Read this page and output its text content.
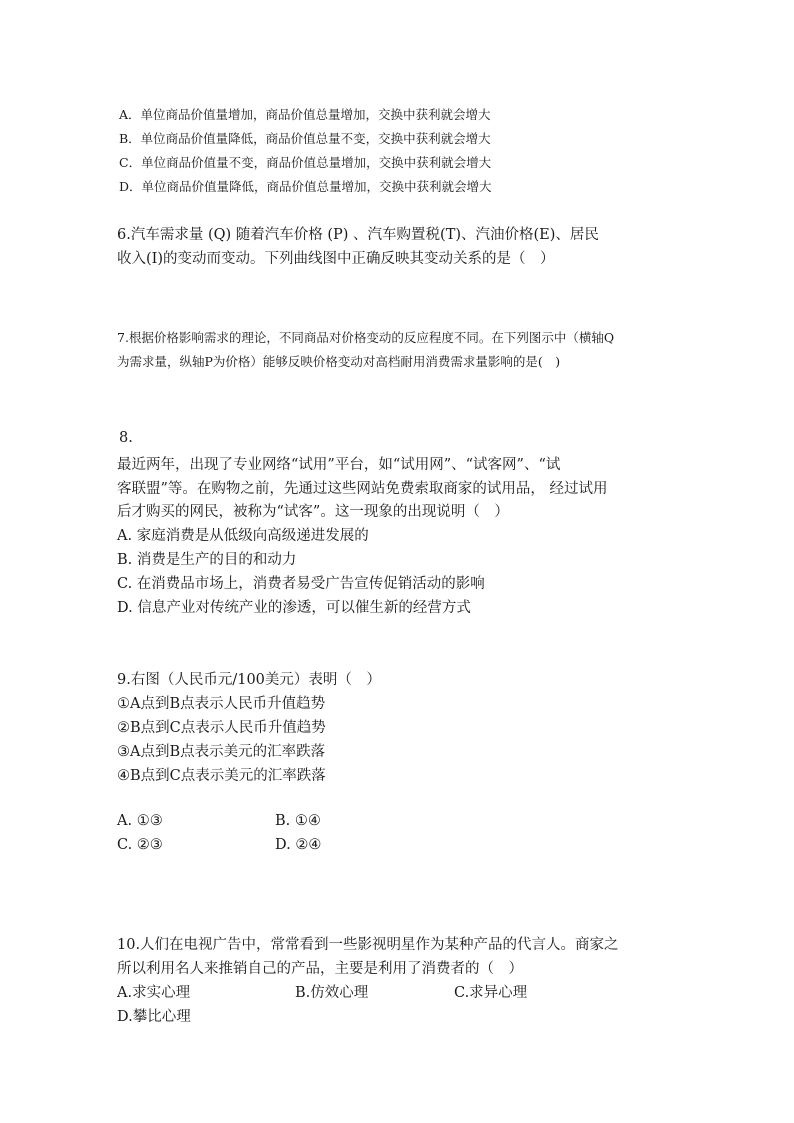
A．单位商品价值量增加，商品价值总量增加，交换中获利就会增大
B．单位商品价值量降低，商品价值总量不变，交换中获利就会增大
C．单位商品价值量不变，商品价值总量增加，交换中获利就会增大
D．单位商品价值量降低，商品价值总量增加，交换中获利就会增大
6.汽车需求量 (Q) 随着汽车价格 (P) 、汽车购置税(T)、汽油价格(E)、居民
收入(I)的变动而变动。下列曲线图中正确反映其变动关系的是（　）
7.根据价格影响需求的理论，不同商品对价格变动的反应程度不同。在下列图示中（横轴Q
为需求量，纵轴P为价格）能够反映价格变动对高档耐用消费需求量影响的是(　)
8.
最近两年，出现了专业网络“试用”平台，如“试用网”、“试客网”、“试
客联盟”等。在购物之前，先通过这些网站免费索取商家的试用品， 经过试用
后才购买的网民，被称为“试客”。这一现象的出现说明（　）
A. 家庭消费是从低级向高级递进发展的
B. 消费是生产的目的和动力
C. 在消费品市场上，消费者易受广告宣传促销活动的影响
D. 信息产业对传统产业的渗透，可以催生新的经营方式
9.右图（人民币元/100美元）表明（　）
①A点到B点表示人民币升值趋势
②B点到C点表示人民币升值趋势
③A点到B点表示美元的汇率跌落
④B点到C点表示美元的汇率跌落
A. ①③	B. ①④
C. ②③	D. ②④
10.人们在电视广告中，常常看到一些影视明星作为某种产品的代言人。商家之
所以利用名人来推销自己的产品，主要是利用了消费者的（　）
A.求实心理	B.仿效心理	C.求异心理
D.攀比心理
